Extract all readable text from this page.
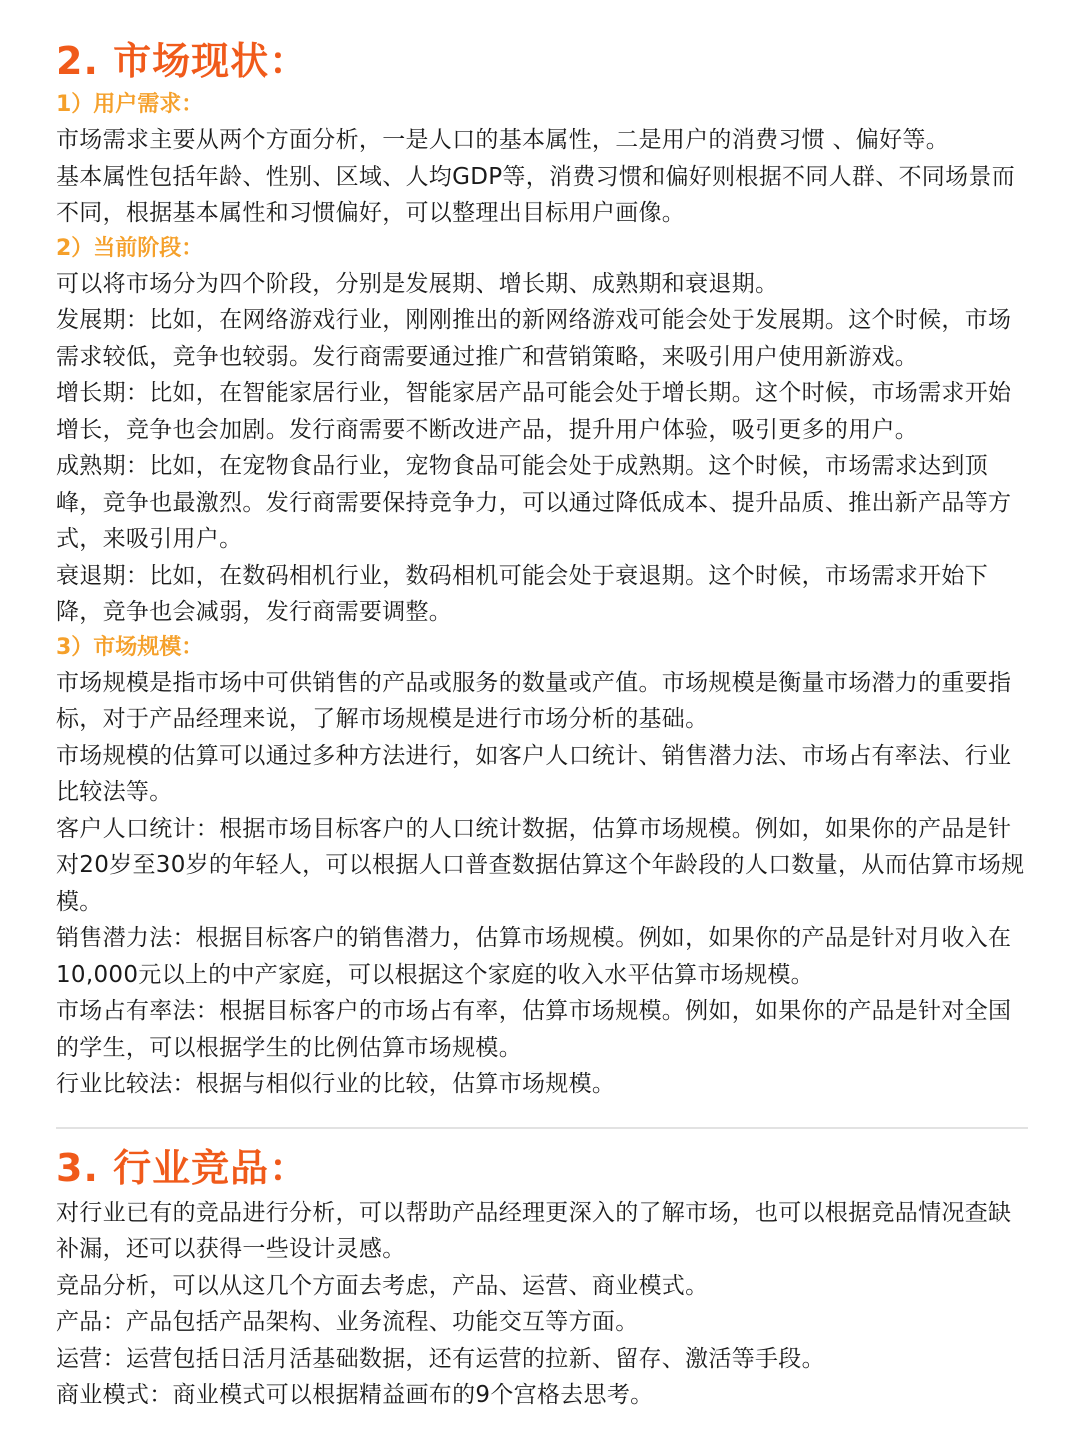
2. 市场现状：
1）用户需求：

市场需求主要从两个方面分析，一是人口的基本属性，二是用户的消费习惯 、偏好等。

基本属性包括年龄、性别、区域、人均GDP等，消费习惯和偏好则根据不同人群、不同场景而不同，根据基本属性和习惯偏好，可以整理出目标用户画像。

2）当前阶段：

可以将市场分为四个阶段，分别是发展期、增长期、成熟期和衰退期。

发展期：比如，在网络游戏行业，刚刚推出的新网络游戏可能会处于发展期。这个时候，市场需求较低，竞争也较弱。发行商需要通过推广和营销策略，来吸引用户使用新游戏。

增长期：比如，在智能家居行业，智能家居产品可能会处于增长期。这个时候，市场需求开始增长，竞争也会加剧。发行商需要不断改进产品，提升用户体验，吸引更多的用户。

成熟期：比如，在宠物食品行业，宠物食品可能会处于成熟期。这个时候，市场需求达到顶峰，竞争也最激烈。发行商需要保持竞争力，可以通过降低成本、提升品质、推出新产品等方式，来吸引用户。

衰退期：比如，在数码相机行业，数码相机可能会处于衰退期。这个时候，市场需求开始下降，竞争也会减弱，发行商需要调整。

3）市场规模：

市场规模是指市场中可供销售的产品或服务的数量或产值。市场规模是衡量市场潜力的重要指标，对于产品经理来说，了解市场规模是进行市场分析的基础。

市场规模的估算可以通过多种方法进行，如客户人口统计、销售潜力法、市场占有率法、行业比较法等。

客户人口统计：根据市场目标客户的人口统计数据，估算市场规模。例如，如果你的产品是针对20岁至30岁的年轻人，可以根据人口普查数据估算这个年龄段的人口数量，从而估算市场规模。

销售潜力法：根据目标客户的销售潜力，估算市场规模。例如，如果你的产品是针对月收入在10,000元以上的中产家庭，可以根据这个家庭的收入水平估算市场规模。

市场占有率法：根据目标客户的市场占有率，估算市场规模。例如，如果你的产品是针对全国的学生，可以根据学生的比例估算市场规模。

行业比较法：根据与相似行业的比较，估算市场规模。

3. 行业竞品：

对行业已有的竞品进行分析，可以帮助产品经理更深入的了解市场，也可以根据竞品情况查缺补漏，还可以获得一些设计灵感。

竞品分析，可以从这几个方面去考虑，产品、运营、商业模式。

产品：产品包括产品架构、业务流程、功能交互等方面。

运营：运营包括日活月活基础数据，还有运营的拉新、留存、激活等手段。

商业模式：商业模式可以根据精益画布的9个宫格去思考。
